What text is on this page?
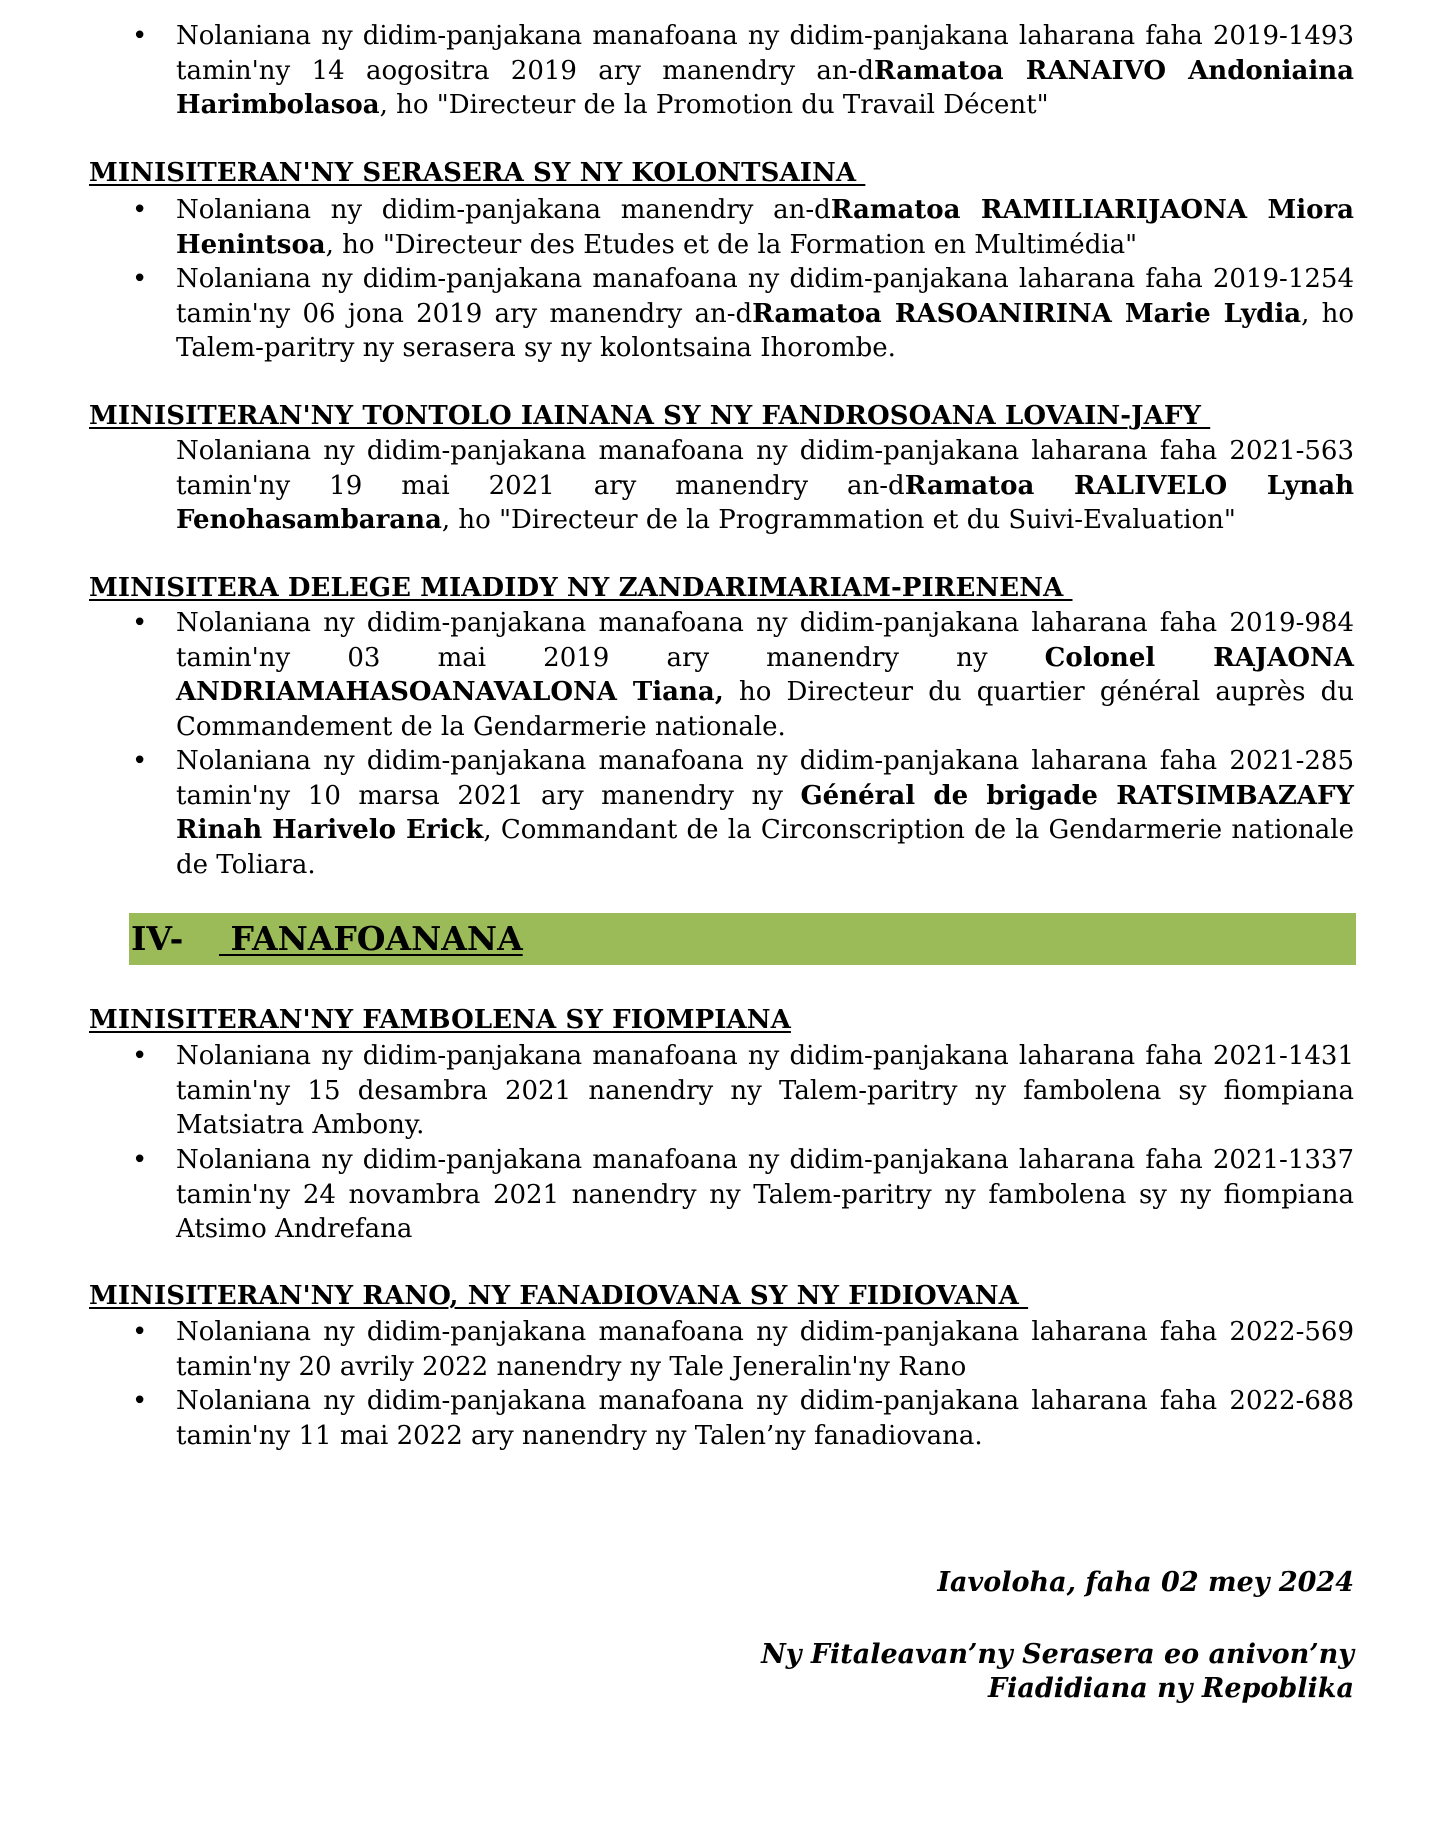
• Nolaniana ny didim-panjakana manafoana ny didim-panjakana laharana faha 2019-1493 tamin'ny 14 aogositra 2019 ary manendry an-dRamatoa RANAIVO Andoniaina Harimbolasoa, ho "Directeur de la Promotion du Travail Décent"
MINISITERAN'NY SERASERA SY NY KOLONTSAINA
• Nolaniana ny didim-panjakana manendry an-dRamatoa RAMILIARIJAONA Miora Henintsoa, ho "Directeur des Etudes et de la Formation en Multimédia"
• Nolaniana ny didim-panjakana manafoana ny didim-panjakana laharana faha 2019-1254 tamin'ny 06 jona 2019 ary manendry an-dRamatoa RASOANIRINA Marie Lydia, ho Talem-paritry ny serasera sy ny kolontsaina Ihorombe.
MINISITERAN'NY TONTOLO IAINANA SY NY FANDROSOANA LOVAIN-JAFY
Nolaniana ny didim-panjakana manafoana ny didim-panjakana laharana faha 2021-563 tamin'ny 19 mai 2021 ary manendry an-dRamatoa RALIVELO Lynah Fenohasambarana, ho "Directeur de la Programmation et du Suivi-Evaluation"
MINISITERA DELEGE MIADIDY NY ZANDARIMARIAM-PIRENENA
• Nolaniana ny didim-panjakana manafoana ny didim-panjakana laharana faha 2019-984 tamin'ny 03 mai 2019 ary manendry ny Colonel RAJAONA ANDRIAMAHASOANAVALONA Tiana, ho Directeur du quartier général auprès du Commandement de la Gendarmerie nationale.
• Nolaniana ny didim-panjakana manafoana ny didim-panjakana laharana faha 2021-285 tamin'ny 10 marsa 2021 ary manendry ny Général de brigade RATSIMBAZAFY Rinah Harivelo Erick, Commandant de la Circonscription de la Gendarmerie nationale de Toliara.
IV- FANAFOANANA
MINISITERAN'NY FAMBOLENA SY FIOMPIANA
• Nolaniana ny didim-panjakana manafoana ny didim-panjakana laharana faha 2021-1431 tamin'ny 15 desambra 2021 nanendry ny Talem-paritry ny fambolena sy fiompiana Matsiatra Ambony.
• Nolaniana ny didim-panjakana manafoana ny didim-panjakana laharana faha 2021-1337 tamin'ny 24 novambra 2021 nanendry ny Talem-paritry ny fambolena sy ny fiompiana Atsimo Andrefana
MINISITERAN'NY RANO, NY FANADIOVANA SY NY FIDIOVANA
• Nolaniana ny didim-panjakana manafoana ny didim-panjakana laharana faha 2022-569 tamin'ny 20 avrily 2022 nanendry ny Tale Jeneralin'ny Rano
• Nolaniana ny didim-panjakana manafoana ny didim-panjakana laharana faha 2022-688 tamin'ny 11 mai 2022 ary nanendry ny Talen’ny fanadiovana.
Iavoloha, faha 02 mey 2024
Ny Fitaleavan’ny Serasera eo anivon’ny
Fiadidiana ny Repoblika
